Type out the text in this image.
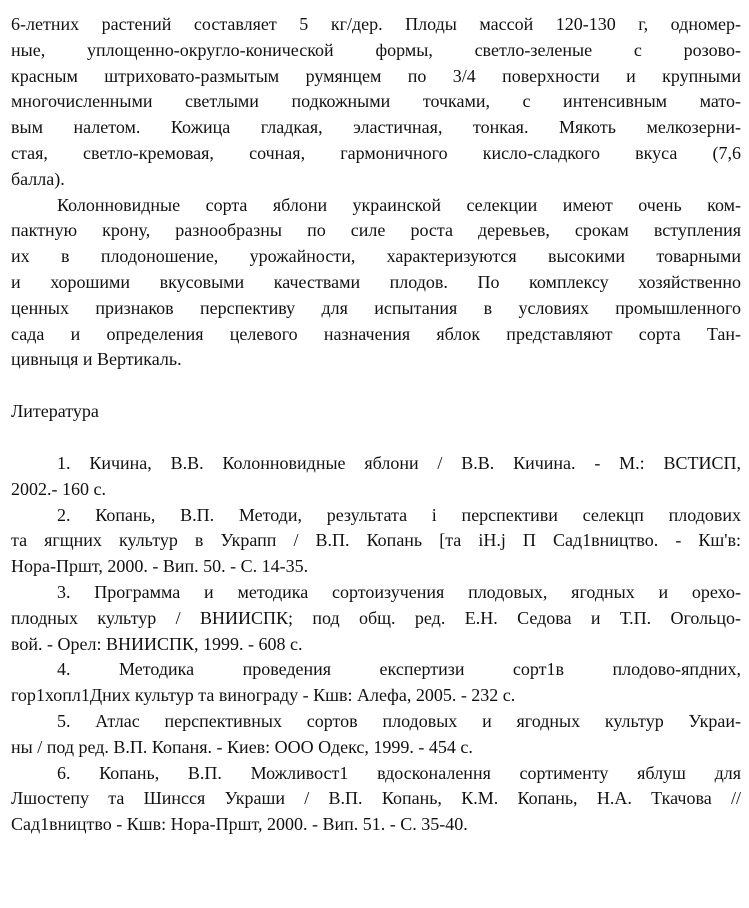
6-летних растений составляет 5 кг/дер. Плоды массой 120-130 г, одномер-
ные, уплощенно-округло-конической формы, светло-зеленые с розово-
красным штриховато-размытым румянцем по 3/4 поверхности и крупными
многочисленными светлыми подкожными точками, с интенсивным мато-
вым налетом. Кожица гладкая, эластичная, тонкая. Мякоть мелкозерни-
стая, светло-кремовая, сочная, гармоничного кисло-сладкого вкуса (7,6
балла).
Колонновидные сорта яблони украинской селекции имеют очень ком-
пактную крону, разнообразны по силе роста деревьев, срокам вступления
их в плодоношение, урожайности, характеризуются высокими товарными
и хорошими вкусовыми качествами плодов. По комплексу хозяйственно
ценных признаков перспективу для испытания в условиях промышленного
сада и определения целевого назначения яблок представляют сорта Тан-
цивныця и Вертикаль.
Литература
1. Кичина, В.В. Колонновидные яблони / В.В. Кичина. - М.: ВСТИСП,
2002.- 160 с.
2. Копань, В.П. Методи, результата i перспективи селекцп плодових
та ягщних культур в Украпп / В.П. Копань [та iH.j П Сад1вництво. - Кш'в:
Нора-Пршт, 2000. - Вип. 50. - С. 14-35.
3. Программа и методика сортоизучения плодовых, ягодных и орехо-
плодных культур / ВНИИСПК; под общ. ред. Е.Н. Седова и Т.П. Огольцо-
вой. - Орел: ВНИИСПК, 1999. - 608 с.
4. Методика проведения експертизи сорт1в плодово-япдних,
гор1хопл1Дних культур та винограду - Кшв: Алефа, 2005. - 232 с.
5. Атлас перспективных сортов плодовых и ягодных культур Украи-
ны / под ред. В.П. Копаня. - Киев: ООО Одекс, 1999. - 454 с.
6. Копань, В.П. Можливост1 вдосконалення сортименту яблуш для
Лшостепу та Шинсся Украши / В.П. Копань, К.М. Копань, Н.А. Ткачова //
Сад1вництво - Кшв: Нора-Пршт, 2000. - Вип. 51. - С. 35-40.
